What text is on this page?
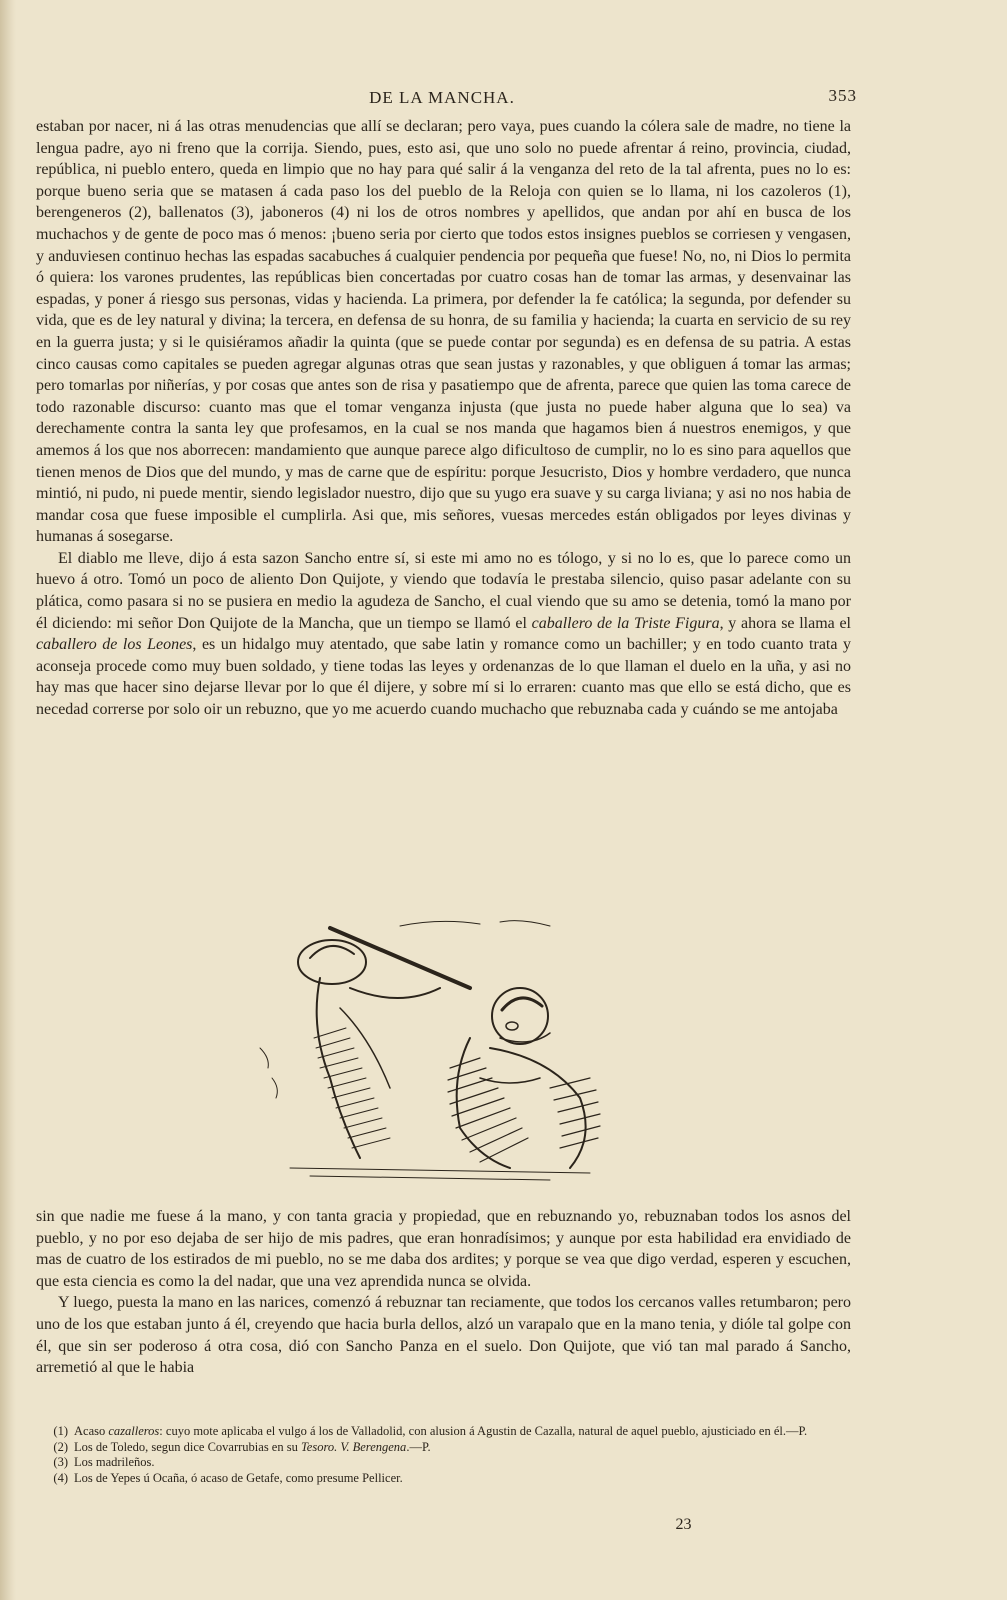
DE LA MANCHA.	353

estaban por nacer, ni á las otras menudencias que allí se declaran; pero vaya, pues cuando la cólera sale de madre, no tiene la lengua padre, ayo ni freno que la corrija. Siendo, pues, esto asi, que uno solo no puede afrentar á reino, provincia, ciudad, república, ni pueblo entero, queda en limpio que no hay para qué salir á la venganza del reto de la tal afrenta, pues no lo es: porque bueno seria que se matasen á cada paso los del pueblo de la Reloja con quien se lo llama, ni los cazoleros (1), berengeneros (2), ballenatos (3), jaboneros (4) ni los de otros nombres y apellidos, que andan por ahí en busca de los muchachos y de gente de poco mas ó menos: ¡bueno seria por cierto que todos estos insignes pueblos se corriesen y vengasen, y anduviesen continuo hechas las espadas sacabuches á cualquier pendencia por pequeña que fuese! No, no, ni Dios lo permita ó quiera: los varones prudentes, las repúblicas bien concertadas por cuatro cosas han de tomar las armas, y desenvainar las espadas, y poner á riesgo sus personas, vidas y hacienda. La primera, por defender la fe católica; la segunda, por defender su vida, que es de ley natural y divina; la tercera, en defensa de su honra, de su familia y hacienda; la cuarta en servicio de su rey en la guerra justa; y si le quisiéramos añadir la quinta (que se puede contar por segunda) es en defensa de su patria. A estas cinco causas como capitales se pueden agregar algunas otras que sean justas y razonables, y que obliguen á tomar las armas; pero tomarlas por niñerías, y por cosas que antes son de risa y pasatiempo que de afrenta, parece que quien las toma carece de todo razonable discurso: cuanto mas que el tomar venganza injusta (que justa no puede haber alguna que lo sea) va derechamente contra la santa ley que profesamos, en la cual se nos manda que hagamos bien á nuestros enemigos, y que amemos á los que nos aborrecen: mandamiento que aunque parece algo dificultoso de cumplir, no lo es sino para aquellos que tienen menos de Dios que del mundo, y mas de carne que de espíritu: porque Jesucristo, Dios y hombre verdadero, que nunca mintió, ni pudo, ni puede mentir, siendo legislador nuestro, dijo que su yugo era suave y su carga liviana; y asi no nos habia de mandar cosa que fuese imposible el cumplirla. Asi que, mis señores, vuesas mercedes están obligados por leyes divinas y humanas á sosegarse.

El diablo me lleve, dijo á esta sazon Sancho entre sí, si este mi amo no es tólogo, y si no lo es, que lo parece como un huevo á otro. Tomó un poco de aliento Don Quijote, y viendo que todavía le prestaba silencio, quiso pasar adelante con su plática, como pasara si no se pusiera en medio la agudeza de Sancho, el cual viendo que su amo se detenia, tomó la mano por él diciendo: mi señor Don Quijote de la Mancha, que un tiempo se llamó el caballero de la Triste Figura, y ahora se llama el caballero de los Leones, es un hidalgo muy atentado, que sabe latin y romance como un bachiller; y en todo cuanto trata y aconseja procede como muy buen soldado, y tiene todas las leyes y ordenanzas de lo que llaman el duelo en la uña, y asi no hay mas que hacer sino dejarse llevar por lo que él dijere, y sobre mí si lo erraren: cuanto mas que ello se está dicho, que es necedad correrse por solo oir un rebuzno, que yo me acuerdo cuando muchacho que rebuznaba cada y cuándo se me antojaba

sin que nadie me fuese á la mano, y con tanta gracia y propiedad, que en rebuznando yo, rebuznaban todos los asnos del pueblo, y no por eso dejaba de ser hijo de mis padres, que eran honradísimos; y aunque por esta habilidad era envidiado de mas de cuatro de los estirados de mi pueblo, no se me daba dos ardites; y porque se vea que digo verdad, esperen y escuchen, que esta ciencia es como la del nadar, que una vez aprendida nunca se olvida.

Y luego, puesta la mano en las narices, comenzó á rebuznar tan reciamente, que todos los cercanos valles retumbaron; pero uno de los que estaban junto á él, creyendo que hacia burla dellos, alzó un varapalo que en la mano tenia, y dióle tal golpe con él, que sin ser poderoso á otra cosa, dió con Sancho Panza en el suelo. Don Quijote, que vió tan mal parado á Sancho, arremetió al que le habia

(1) Acaso cazalleros: cuyo mote aplicaba el vulgo á los de Valladolid, con alusion á Agustin de Cazalla, natural de aquel pueblo, ajusticiado en él.—P.

(2) Los de Toledo, segun dice Covarrubias en su Tesoro. V. Berengena.—P.

(3) Los madrileños.

(4) Los de Yepes ú Ocaña, ó acaso de Getafe, como presume Pellicer.

23
